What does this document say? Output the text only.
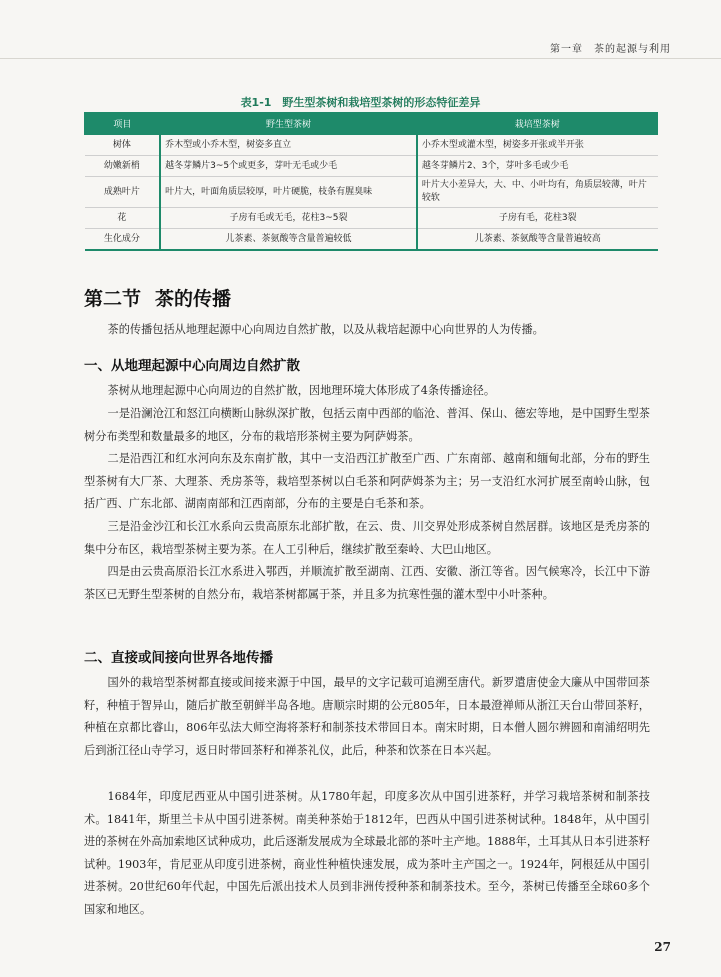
第一章　茶的起源与利用
表1-1　野生型茶树和栽培型茶树的形态特征差异
项目	野生型茶树	栽培型茶树
树体	乔木型或小乔木型，树姿多直立	小乔木型或灌木型，树姿多开张或半开张
幼嫩新梢	越冬芽鳞片3~5个或更多，芽叶无毛或少毛	越冬芽鳞片2、3个，芽叶多毛或少毛
成熟叶片	叶片大，叶面角质层较厚，叶片硬脆，枝条有腥臭味	叶片大小差异大，大、中、小叶均有，角质层较薄，叶片较软
花	子房有毛或无毛，花柱3~5裂	子房有毛，花柱3裂
生化成分	儿茶素、茶氨酸等含量普遍较低	儿茶素、茶氨酸等含量普遍较高
第二节 茶的传播
茶的传播包括从地理起源中心向周边自然扩散，以及从栽培起源中心向世界的人为传播。
一、从地理起源中心向周边自然扩散
茶树从地理起源中心向周边的自然扩散，因地理环境大体形成了4条传播途径。
一是沿澜沧江和怒江向横断山脉纵深扩散，包括云南中西部的临沧、普洱、保山、德宏等地，是中国野生型茶树分布类型和数量最多的地区，分布的栽培形茶树主要为阿萨姆茶。
二是沿西江和红水河向东及东南扩散，其中一支沿西江扩散至广西、广东南部、越南和缅甸北部，分布的野生型茶树有大厂茶、大理茶、秃房茶等，栽培型茶树以白毛茶和阿萨姆茶为主；另一支沿红水河扩展至南岭山脉，包括广西、广东北部、湖南南部和江西南部，分布的主要是白毛茶和茶。
三是沿金沙江和长江水系向云贵高原东北部扩散，在云、贵、川交界处形成茶树自然居群。该地区是秃房茶的集中分布区，栽培型茶树主要为茶。在人工引种后，继续扩散至秦岭、大巴山地区。
四是由云贵高原沿长江水系进入鄂西，并顺流扩散至湖南、江西、安徽、浙江等省。因气候寒冷，长江中下游茶区已无野生型茶树的自然分布，栽培茶树都属于茶，并且多为抗寒性强的灌木型中小叶茶种。
二、直接或间接向世界各地传播
国外的栽培型茶树都直接或间接来源于中国，最早的文字记载可追溯至唐代。新罗遣唐使金大廉从中国带回茶籽，种植于智异山，随后扩散至朝鲜半岛各地。唐顺宗时期的公元805年，日本最澄禅师从浙江天台山带回茶籽，种植在京都比睿山，806年弘法大师空海将茶籽和制茶技术带回日本。南宋时期，日本僧人圆尔辨圆和南浦绍明先后到浙江径山寺学习，返日时带回茶籽和禅茶礼仪，此后，种茶和饮茶在日本兴起。
1684年，印度尼西亚从中国引进茶树。从1780年起，印度多次从中国引进茶籽，并学习栽培茶树和制茶技术。1841年，斯里兰卡从中国引进茶树。南美种茶始于1812年，巴西从中国引进茶树试种。1848年，从中国引进的茶树在外高加索地区试种成功，此后逐渐发展成为全球最北部的茶叶主产地。1888年，土耳其从日本引进茶籽试种。1903年，肯尼亚从印度引进茶树，商业性种植快速发展，成为茶叶主产国之一。1924年，阿根廷从中国引进茶树。20世纪60年代起，中国先后派出技术人员到非洲传授种茶和制茶技术。至今，茶树已传播至全球60多个国家和地区。
27
